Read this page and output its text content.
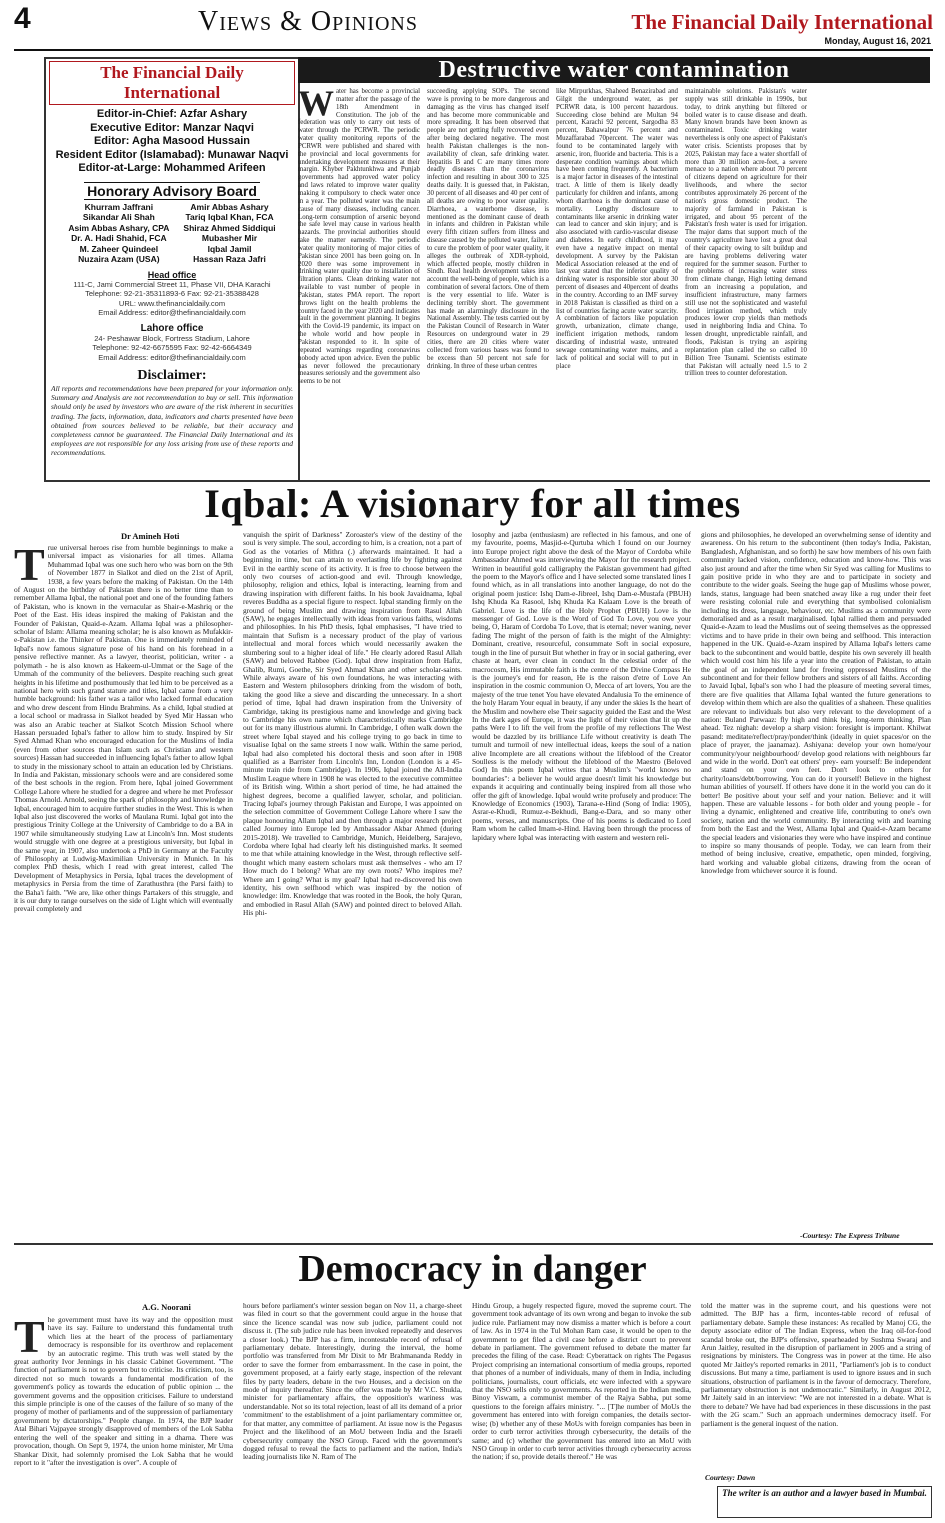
4	Views & Opinions	The Financial Daily International
Monday, August 16, 2021
The Financial Daily International
Editor-in-Chief: Azfar Ashary
Executive Editor: Manzar Naqvi
Editor: Agha Masood Hussain
Resident Editor (Islamabad): Munawar Naqvi
Editor-at-Large: Mohammed Arifeen
Honorary Advisory Board
Khurram Jaffrani
Sikandar Ali Shah
Asim Abbas Ashary, CPA
Dr. A. Hadi Shahid, FCA
M. Zaheer Quindeel
Nuzaira Azam (USA)
Amir Abbas Ashary
Tariq Iqbal Khan, FCA
Shiraz Ahmed Siddiqui
Mubasher Mir
Iqbal Jamil
Hassan Raza Jafri
Head office
111-C, Jami Commercial Street 11, Phase VII, DHA Karachi
Telephone: 92-21-35311893-6 Fax: 92-21-35388428
URL: www.thefinancialdaily.com
Email Address: editor@thefinancialdaily.com
Lahore office
24- Peshawar Block, Fortress Stadium, Lahore
Telephone: 92-42-6675595 Fax: 92-42-6664349
Email Address: editor@thefinancialdaily.com
Disclaimer:
All reports and recommendations have been prepared for your information only. Summary and Analysis are not recommendation to buy or sell. This information should only be used by investors who are aware of the risk inherent in securities trading. The facts, information, data, indicators and charts presented have been obtained from sources believed to be reliable, but their accuracy and completeness cannot be guaranteed. The Financial Daily International and its employees are not responsible for any loss arising from use of these reports and recommendations.
Destructive water contamination
Water has become a provincial matter after the passage of the 18th Amendment in Constitution. The job of the federation was only to carry out tests of water through the PCRWR. The periodic water quality monitoring reports of the PCRWR were published and shared with the provincial and local governments for undertaking development measures at their margin. Khyber Pakhtunkhwa and Punjab governments had approved water policy and laws related to improve water quality making it compulsory to check water once in a year. The polluted water was the main cause of many diseases, including cancer. Long-term consumption of arsenic beyond the safe level may cause in various health hazards. The provincial authorities should take the matter earnestly. The periodic water quality monitoring of major cities of Pakistan since 2001 has been going on. In 2020 there was some improvement in drinking water quality due to installation of filtration plants. Clean drinking water not available to vast number of people in Pakistan, states PMA report. The report throws light on the health problems the country faced in the year 2020 and indicates fault in the government planning. It begins with the Covid-19 pandemic, its impact on the whole world and how people in Pakistan responded to it. In spite of repeated warnings regarding coronavirus nobody acted upon advice. Even the public has never followed the precautionary measures seriously and the government also seems to be not
succeeding applying SOPs. The second wave is proving to be more dangerous and damaging as the virus has changed itself and has become more communicable and more spreading. It has been observed that people are not getting fully recovered even after being declared negative. The most health Pakistan challenges is the non-availability of clean, safe drinking water. Hepatitis B and C are many times more deadly diseases than the coronavirus infection and resulting in about 300 to 325 deaths daily. It is guessed that, in Pakistan, 30 percent of all diseases and 40 per cent of all deaths are owing to poor water quality. Diarrhoea, a waterborne disease, is mentioned as the dominant cause of death in infants and children in Pakistan while every fifth citizen suffers from illness and disease caused by the polluted water, failure to cure the problem of poor water quality, it alleges the outbreak of XDR-typhoid, which affected people, mostly children in Sindh. Real health development takes into account the well-being of people, which is a combination of several factors. One of them is the very essential to life. Water is declining terribly short. The government has made an alarmingly disclosure in the National Assembly. The tests carried out by the Pakistan Council of Research in Water Resources on underground water in 29 cities, there are 20 cities where water collected from various bases was found to be excess than 50 percent not safe for drinking. In three of these urban centres
like Mirpurkhas, Shaheed Benazirabad and Gilgit the underground water, as per PCRWR data, is 100 percent hazardous. Succeeding close behind are Multan 94 percent, Karachi 92 percent, Sargodha 83 percent, Bahawalpur 76 percent and Muzaffarabad 70percent. The water was found to be contaminated largely with arsenic, iron, fluoride and bacteria. This is a desperate condition warnings about which have been coming frequently. A bacterium is a major factor in diseases of the intestinal tract. A little of them is likely deadly particularly for children and infants, among whom diarrhoea is the dominant cause of mortality. Lengthy disclosure to contaminants like arsenic in drinking water can lead to cancer and skin injury; and is also associated with cardio-vascular disease and diabetes. In early childhood, it may even have a negative impact on mental development. A survey by the Pakistan Medical Association released at the end of last year stated that the inferior quality of drinking water is responsible stor about 30 percent of diseases and 40percent of deaths in the country. According to an IMF survey in 2018 Pakistan is classified as third on a list of countries facing acute water scarcity. A combination of factors like population growth, urbanization, climate change, inefficient irrigation methods, random discarding of industrial waste, untreated sewage contaminating water mains, and a lack of political and social will to put in place
maintainable solutions. Pakistan's water supply was still drinkable in 1990s, but today, to drink anything but filtered or boiled water is to cause disease and death. Many known brands have been known as contaminated. Toxic drinking water nevertheless is only one aspect of Pakistan's water crisis. Scientists proposes that by 2025, Pakistan may face a water shortfall of more than 30 million acre-feet, a severe menace to a nation where about 70 percent of citizens depend on agriculture for their livelihoods, and where the sector contributes approximately 26 percent of the nation's gross domestic product. The majority of farmland in Pakistan is irrigated, and about 95 percent of the Pakistan's fresh water is used for irrigation. The major dams that support much of the country's agriculture have lost a great deal of their capacity owing to silt buildup and are having problems delivering water required for the summer season. Further to the problems of increasing water stress from climate change, High letting demand from an increasing a population, and insufficient infrastructure, many farmers still use not the sophisticated and wasteful flood irrigation method, which truly produces lower crop yields than methods used in neighboring India and China. To lessen drought, unpredictable rainfall, and floods, Pakistan is trying an aspiring replantation plan called the so called 10 Billion Tree Tsunami. Scientists estimate that Pakistan will actually need 1.5 to 2 trillion trees to counter deforestation.
Iqbal: A visionary for all times
Dr Amineh Hoti
True universal heroes rise from humble beginnings to make a universal impact as visionaries for all times. Allama Muhammad Iqbal was one such hero who was born on the 9th of November 1877 in Sialkot and died on the 21st of April, 1938, a few years before the making of Pakistan. On the 14th of August on the birthday of Pakistan there is no better time than to remember Allama Iqbal, the national poet and one of the founding fathers of Pakistan, who is known in the vernacular as Shair-e-Mashriq or the Poet of the East. His ideas inspired the making of Pakistan and the Founder of Pakistan, Quaid-e-Azam. Allama Iqbal was a philosopher-scholar of Islam: Allama meaning scholar; he is also known as Mufakkir-e-Pakistan i.e. the Thinker of Pakistan. One is immediately reminded of Iqbal's now famous signature pose of his hand on his forehead in a pensive reflective manner. As a lawyer, theorist, politician, writer - a polymath - he is also known as Hakeem-ul-Ummat or the Sage of the Ummah of the community of the believers. Despite reaching such great heights in his lifetime and posthumously that led him to be perceived as a national hero with such grand stature and titles, Iqbal came from a very humble background: his father was a tailor who lacked formal education and who drew descent from Hindu Brahmins. As a child, Iqbal studied at a local school or madrassa in Sialkot headed by Syed Mir Hassan who was also an Arabic teacher at Sialkot Scotch Mission School where Hassan persuaded Iqbal's father to allow him to study. Inspired by Sir Syed Ahmad Khan who encouraged education for the Muslims of India (even from other sources than Islam such as Christian and western sources) Hassan had succeeded in influencing Iqbal's father to allow Iqbal to study in the missionary school to attain an education led by Christians. In India and Pakistan, missionary schools were and are considered some of the best schools in the region. From here, Iqbal joined Government College Lahore where he studied for a degree and where he met Professor Thomas Arnold. Arnold, seeing the spark of philosophy and knowledge in Iqbal, encouraged him to acquire further studies in the West. This is when Iqbal also just discovered the works of Maulana Rumi. Iqbal got into the prestigious Trinity College at the University of Cambridge to do a BA in 1907 while simultaneously studying Law at Lincoln's Inn. Most students would struggle with one degree at a prestigious university, but Iqbal in the same year, in 1907, also undertook a PhD in Germany at the Faculty of Philosophy at Ludwig-Maximilian University in Munich. In his complex PhD thesis, which I read with great interest, called The Development of Metaphysics in Persia, Iqbal traces the development of metaphysics in Persia from the time of Zarathusthra (the Parsi faith) to the Baha'i faith. "We are, like other things Partakers of this struggle, and it is our duty to range ourselves on the side of Light which will eventually prevail completely and
vanquish the spirit of Darkness" Zoroaster's view of the destiny of the soul is very simple. The soul, according to him, is a creation, not a part of God as the votaries of Mithra (.) afterwards maintained. It had a beginning in time, but can attain to everlasting life by fighting against Evil in the earthly scene of its activity. It is free to choose between the only two courses of action-good and evil. Through knowledge, philosophy, religion and ethics, Iqbal is interacting, learning from and drawing inspiration with different faiths. In his book Javaidnama, Iqbal reveres Buddha as a special figure to respect. Iqbal standing firmly on the ground of being Muslim and drawing inspiration from Rasul Allah (SAW), he engages intellectually with ideas from various faiths, wisdoms and philosophies. In his PhD thesis, Iqbal emphasises, "I have tried to maintain that Sufism is a necessary product of the play of various intellectual and moral forces which would necessarily awaken the slumbering soul to a higher ideal of life." He clearly adored Rasul Allah (SAW) and beloved Rabbee (God). Iqbal drew inspiration from Hafiz, Ghalib, Rumi, Goethe, Sir Syed Ahmad Khan and other scholar-saints. While always aware of his own foundations, he was interacting with Eastern and Western philosophers drinking from the wisdom of both, taking the good like a sieve and discarding the unnecessary. In a short period of time, Iqbal had drawn inspiration from the University of Cambridge, taking its prestigious name and knowledge and giving back to Cambridge his own name which characteristically marks Cambridge out for its many illustrious alumni. In Cambridge, I often walk down the street where Iqbal stayed and his college trying to go back in time to visualise Iqbal on the same streets I now walk. Within the same period, Iqbal had also completed his doctoral thesis and soon after in 1908 qualified as a Barrister from Lincoln's Inn, London (London is a 45-minute train ride from Cambridge). In 1906, Iqbal joined the All-India Muslim League where in 1908 he was elected to the executive committee of its British wing. Within a short period of time, he had attained the highest degrees, become a qualified lawyer, scholar, and politician. Tracing Iqbal's journey through Pakistan and Europe, I was appointed on the selection committee of Government College Lahore where I saw the plaque honouring Allam Iqbal and then through a major research project called Journey into Europe led by Ambassador Akbar Ahmed (during 2015-2018). We travelled to Cambridge, Munich, Heidelberg, Sarajevo, Cordoba where Iqbal had clearly left his distinguished marks. It seemed to me that while attaining knowledge in the West, through reflective self-thought which many eastern scholars must ask themselves - who am I? How much do I belong? What are my own roots? Who inspires me? Where am I going? What is my goal? Iqbal had re-discovered his own identity, his own selfhood which was inspired by the notion of knowledge: ilm. Knowledge that was rooted in the Book, the holy Quran, and embodied in Rasul Allah (SAW) and pointed direct to beloved Allah. His phi-
losophy and jazba (enthusiasm) are reflected in his famous, and one of my favourite, poems, Masjid-e-Qurtuba which I found on our Journey into Europe project right above the desk of the Mayor of Cordoba while Ambassador Ahmed was interviewing the Mayor for the research project. Written in beautiful gold calligraphy the Pakistan government had gifted the poem to the Mayor's office and I have selected some translated lines I found which, as in all translations into another language, do not do the original poem justice: Ishq Dam-e-Jibreel, Ishq Dam-e-Mustafa (PBUH) Ishq Khuda Ka Rasool, Ishq Khuda Ka Kalaam Love is the breath of Gabriel. Love is the life of the Holy Prophet (PBUH) Love is the messenger of God. Love is the Word of God To Love, you owe your being, O, Haram of Cordoba To Love, that is eternal; never waning, never fading The might of the person of faith is the might of the Almighty: Dominant, creative, resourceful, consummate Soft in social exposure, tough in the line of pursuit But whether in fray or in social gathering, ever chaste at heart, ever clean in conduct In the celestial order of the macrocosm, His immutable faith is the centre of the Divine Compass He is the journey's end for reason, He is the raison d'etre of Love An inspiration in the cosmic communion O, Mecca of art lovers, You are the majesty of the true tenet You have elevated Andalusia To the eminence of the holy Haram Your equal in beauty, if any under the skies Is the heart of the Muslim and nowhere else Their sagacity guided the East and the West In the dark ages of Europe, it was the light of their vision that lit up the paths Were I to lift the veil from the profile of my reflections The West would be dazzled by its brilliance Life without creativity is death The tumult and turmoil of new intellectual ideas, keeps the soul of a nation alive Incomplete are all creations without the lifeblood of the Creator Soulless is the melody without the lifeblood of the Maestro (Beloved God) In this poem Iqbal writes that a Muslim's "world knows no boundaries": a believer he would argue doesn't limit his knowledge but expands it acquiring and continually being inspired from all those who offer the gift of knowledge. Iqbal would write profusely and produce: The Knowledge of Economics (1903), Tarana-e-Hind (Song of India: 1905), Asrar-e-Khudi, Rumuz-e-Bekhudi, Bang-e-Dara, and so many other poems, verses, and manuscripts. One of his poems is dedicated to Lord Ram whom he called Imam-e-Hind. Having been through the process of lapidary where Iqbal was interacting with eastern and western reli-
gions and philosophies, he developed an overwhelming sense of identity and awareness. On his return to the subcontinent (then today's India, Pakistan, Bangladesh, Afghanistan, and so forth) he saw how members of his own faith community lacked vision, confidence, education and know-how. This was also just around and after the time when Sir Syed was calling for Muslims to gain positive pride in who they are and to participate in society and contribute to the wider goals. Seeing the huge gap of Muslims whose power, lands, status, language had been snatched away like a rug under their feet were resisting colonial rule and everything that symbolised colonialism including its dress, language, behaviour, etc. Muslims as a community were demoralised and as a result marginalised. Iqbal rallied them and persuaded Quaid-e-Azam to lead the Muslims out of seeing themselves as the oppressed victims and to have pride in their own being and selfhood. This interaction happened in the UK. Quaid-e-Azam inspired by Allama Iqbal's letters came back to the subcontinent and would battle, despite his own severely ill health which would cost him his life a year into the creation of Pakistan, to attain the goal of an independent land for freeing oppressed Muslims of the subcontinent and for their fellow brothers and sisters of all faiths. According to Javaid Iqbal, Iqbal's son who I had the pleasure of meeting several times, there are five qualities that Allama Iqbal wanted the future generations to develop within them which are also the qualities of a shaheen. These qualities are relevant to individuals but also very relevant to the development of a nation: Buland Parwaaz: fly high and think big, long-term thinking. Plan ahead. Tez nighah: develop a sharp vision: foresight is important. Khilwat pasand: meditate/reflect/pray/ponder/think (ideally in quiet spaces/or on the place of prayer, the jaanamaz). Ashiyana: develop your own home/your community/your neighbourhood/ develop good relations with neighbours far and wide in the world. Don't eat others' prey- earn yourself: Be independent and stand on your own feet. Don't look to others for charity/loans/debt/borrowing. You can do it yourself! Believe in the highest human abilities of yourself. If others have done it in the world you can do it better! Be positive about your self and your nation. Believe: and it will happen. These are valuable lessons - for both older and young people - for living a dynamic, enlightened and creative life, contributing to one's own society, nation and the world community. By interacting with and learning from both the East and the West, Allama Iqbal and Quaid-e-Azam became the special leaders and visionaries they were who have inspired and continue to inspire so many thousands of people. Today, we can learn from their method of being inclusive, creative, empathetic, open minded, forgiving, hard working and valuable global citizens, drawing from the ocean of knowledge from whichever source it is found.
-Courtesy: The Express Tribune
Democracy in danger
A.G. Noorani
The government must have its way and the opposition must have its say. Failure to understand this fundamental truth which lies at the heart of the process of parliamentary democracy is responsible for its overthrow and replacement by an autocratic regime. This truth was well stated by the great authority Ivor Jennings in his classic Cabinet Government. "The function of parliament is not to govern but to criticise. Its criticism, too, is directed not so much towards a fundamental modification of the government's policy as towards the education of public opinion ... the government governs and the opposition criticises. Failure to understand this simple principle is one of the causes of the failure of so many of the progeny of mother of parliaments and of the suppression of parliamentary government by dictatorships." People change. In 1974, the BJP leader Atal Bihari Vajpayee strongly disapproved of members of the Lok Sabha entering the well of the speaker and sitting in a dharna. There was provocation, though. On Sept 9, 1974, the union home minister, Mr Uma Shankar Dixit, had solemnly promised the Lok Sabha that he would report to it "after the investigation is over". A couple of
hours before parliament's winter session began on Nov 11, a charge-sheet was filed in court so that the government could argue in the house that since the licence scandal was now sub judice, parliament could not discuss it. (The sub judice rule has been invoked repeatedly and deserves a closer look.) The BJP has a firm, incontestable record of refusal of parliamentary debate. Interestingly, during the interval, the home portfolio was transferred from Mr Dixit to Mr Brahmananda Reddy in order to save the former from embarrassment. In the case in point, the government proposed, at a fairly early stage, inspection of the relevant files by party leaders, debate in the two Houses, and a decision on the mode of inquiry thereafter. Since the offer was made by Mr V.C. Shukla, minister for parliamentary affairs, the opposition's wariness was understandable. Not so its total rejection, least of all its demand of a prior 'commitment' to the establishment of a joint parliamentary committee or, for that matter, any committee of parliament. At issue now is the Pegasus Project and the likelihood of an MoU between India and the Israeli cybersecurity company the NSO Group. Faced with the government's dogged refusal to reveal the facts to parliament and the nation, India's leading journalists like N. Ram of The
Hindu Group, a hugely respected figure, moved the supreme court. The government took advantage of its own wrong and began to invoke the sub judice rule. Parliament may now dismiss a matter which is before a court of law. As in 1974 in the Tul Mohan Ram case, it would be open to the government to get filed a civil case before a district court to prevent debate in parliament. The government refused to debate the matter far precedes the filing of the case. Read: Cyberattack on rights The Pegasus Project comprising an international consortium of media groups, reported that phones of a number of individuals, many of them in India, including politicians, journalists, court officials, etc were infected with a spyware that the NSO sells only to governments. As reported in the Indian media, Binoy Viswam, a communist member of the Rajya Sabha, put some questions to the foreign affairs ministry. "... [T]he number of MoUs the government has entered into with foreign companies, the details sector-wise; (b) whether any of these MoUs with foreign companies has been in order to curb terror activities through cybersecurity, the details of the same; and (c) whether the government has entered into an MoU with NSO Group in order to curb terror activities through cybersecurity across the nation; if so, provide details thereof." He was
told the matter was in the supreme court, and his questions were not admitted. The BJP has a firm, incontes-table record of refusal of parliamentary debate. Sample these instances: As recalled by Manoj CG, the deputy associate editor of The Indian Express, when the Iraq oil-for-food scandal broke out, the BJP's offensive, spearheaded by Sushma Swaraj and Arun Jaitley, resulted in the disruption of parliament in 2005 and a string of resignations by ministers. The Congress was in power at the time. He also quoted Mr Jaitley's reported remarks in 2011, "Parliament's job is to conduct discussions. But many a time, parliament is used to ignore issues and in such situations, obstruction of parliament is in the favour of democracy. Therefore, parliamentary obstruction is not undemocratic." Similarly, in August 2012, Mr Jaitely said in an interview: "We are not interested in a debate. What is there to debate? We have had bad experiences in these discussions in the past with the 2G scam." Such an approach undermines democracy itself. For parliament is the general inquest of the nation.
Courtesy: Dawn
The writer is an author and a lawyer based in Mumbai.
